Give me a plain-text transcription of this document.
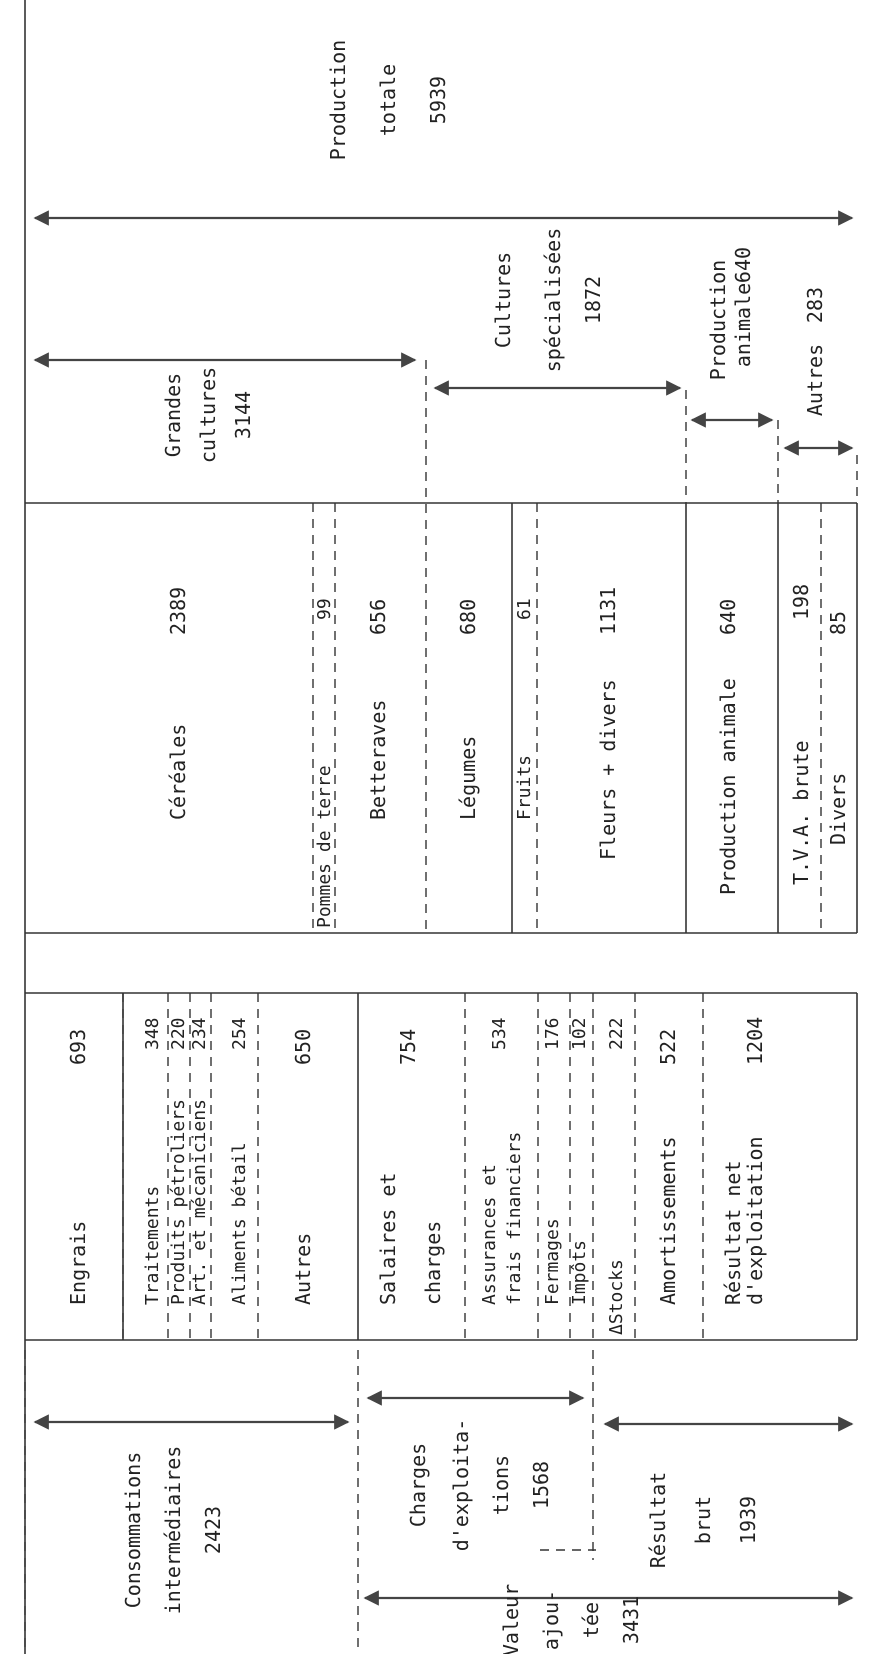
Production totale 5939
Grandes cultures 3144
Cultures spécialisées 1872	Production animale
640
Autres
283
Céréales
2389
Pommes de terre
99
Betteraves
656
Légumes
680
Fruits
61
Fleurs + divers
1131
Production animale
640
T.V.A. brute
198
Divers
85
Engrais
693
Traitements
348
Produits pétroliers
220
Art. et mécaniciens
234
Aliments bétail
254
Autres
650
Salaires et charges
754
Assurances et frais financiers
534
Fermages
176
Impôts
102
ΔStocks
222
Amortissements
522
Résultat net
d'exploitation
1204
Consommations intermédiaires 2423
Charges d'exploita- tions 1568	Résultat brut 1939
Valeur ajou- tée 3431
